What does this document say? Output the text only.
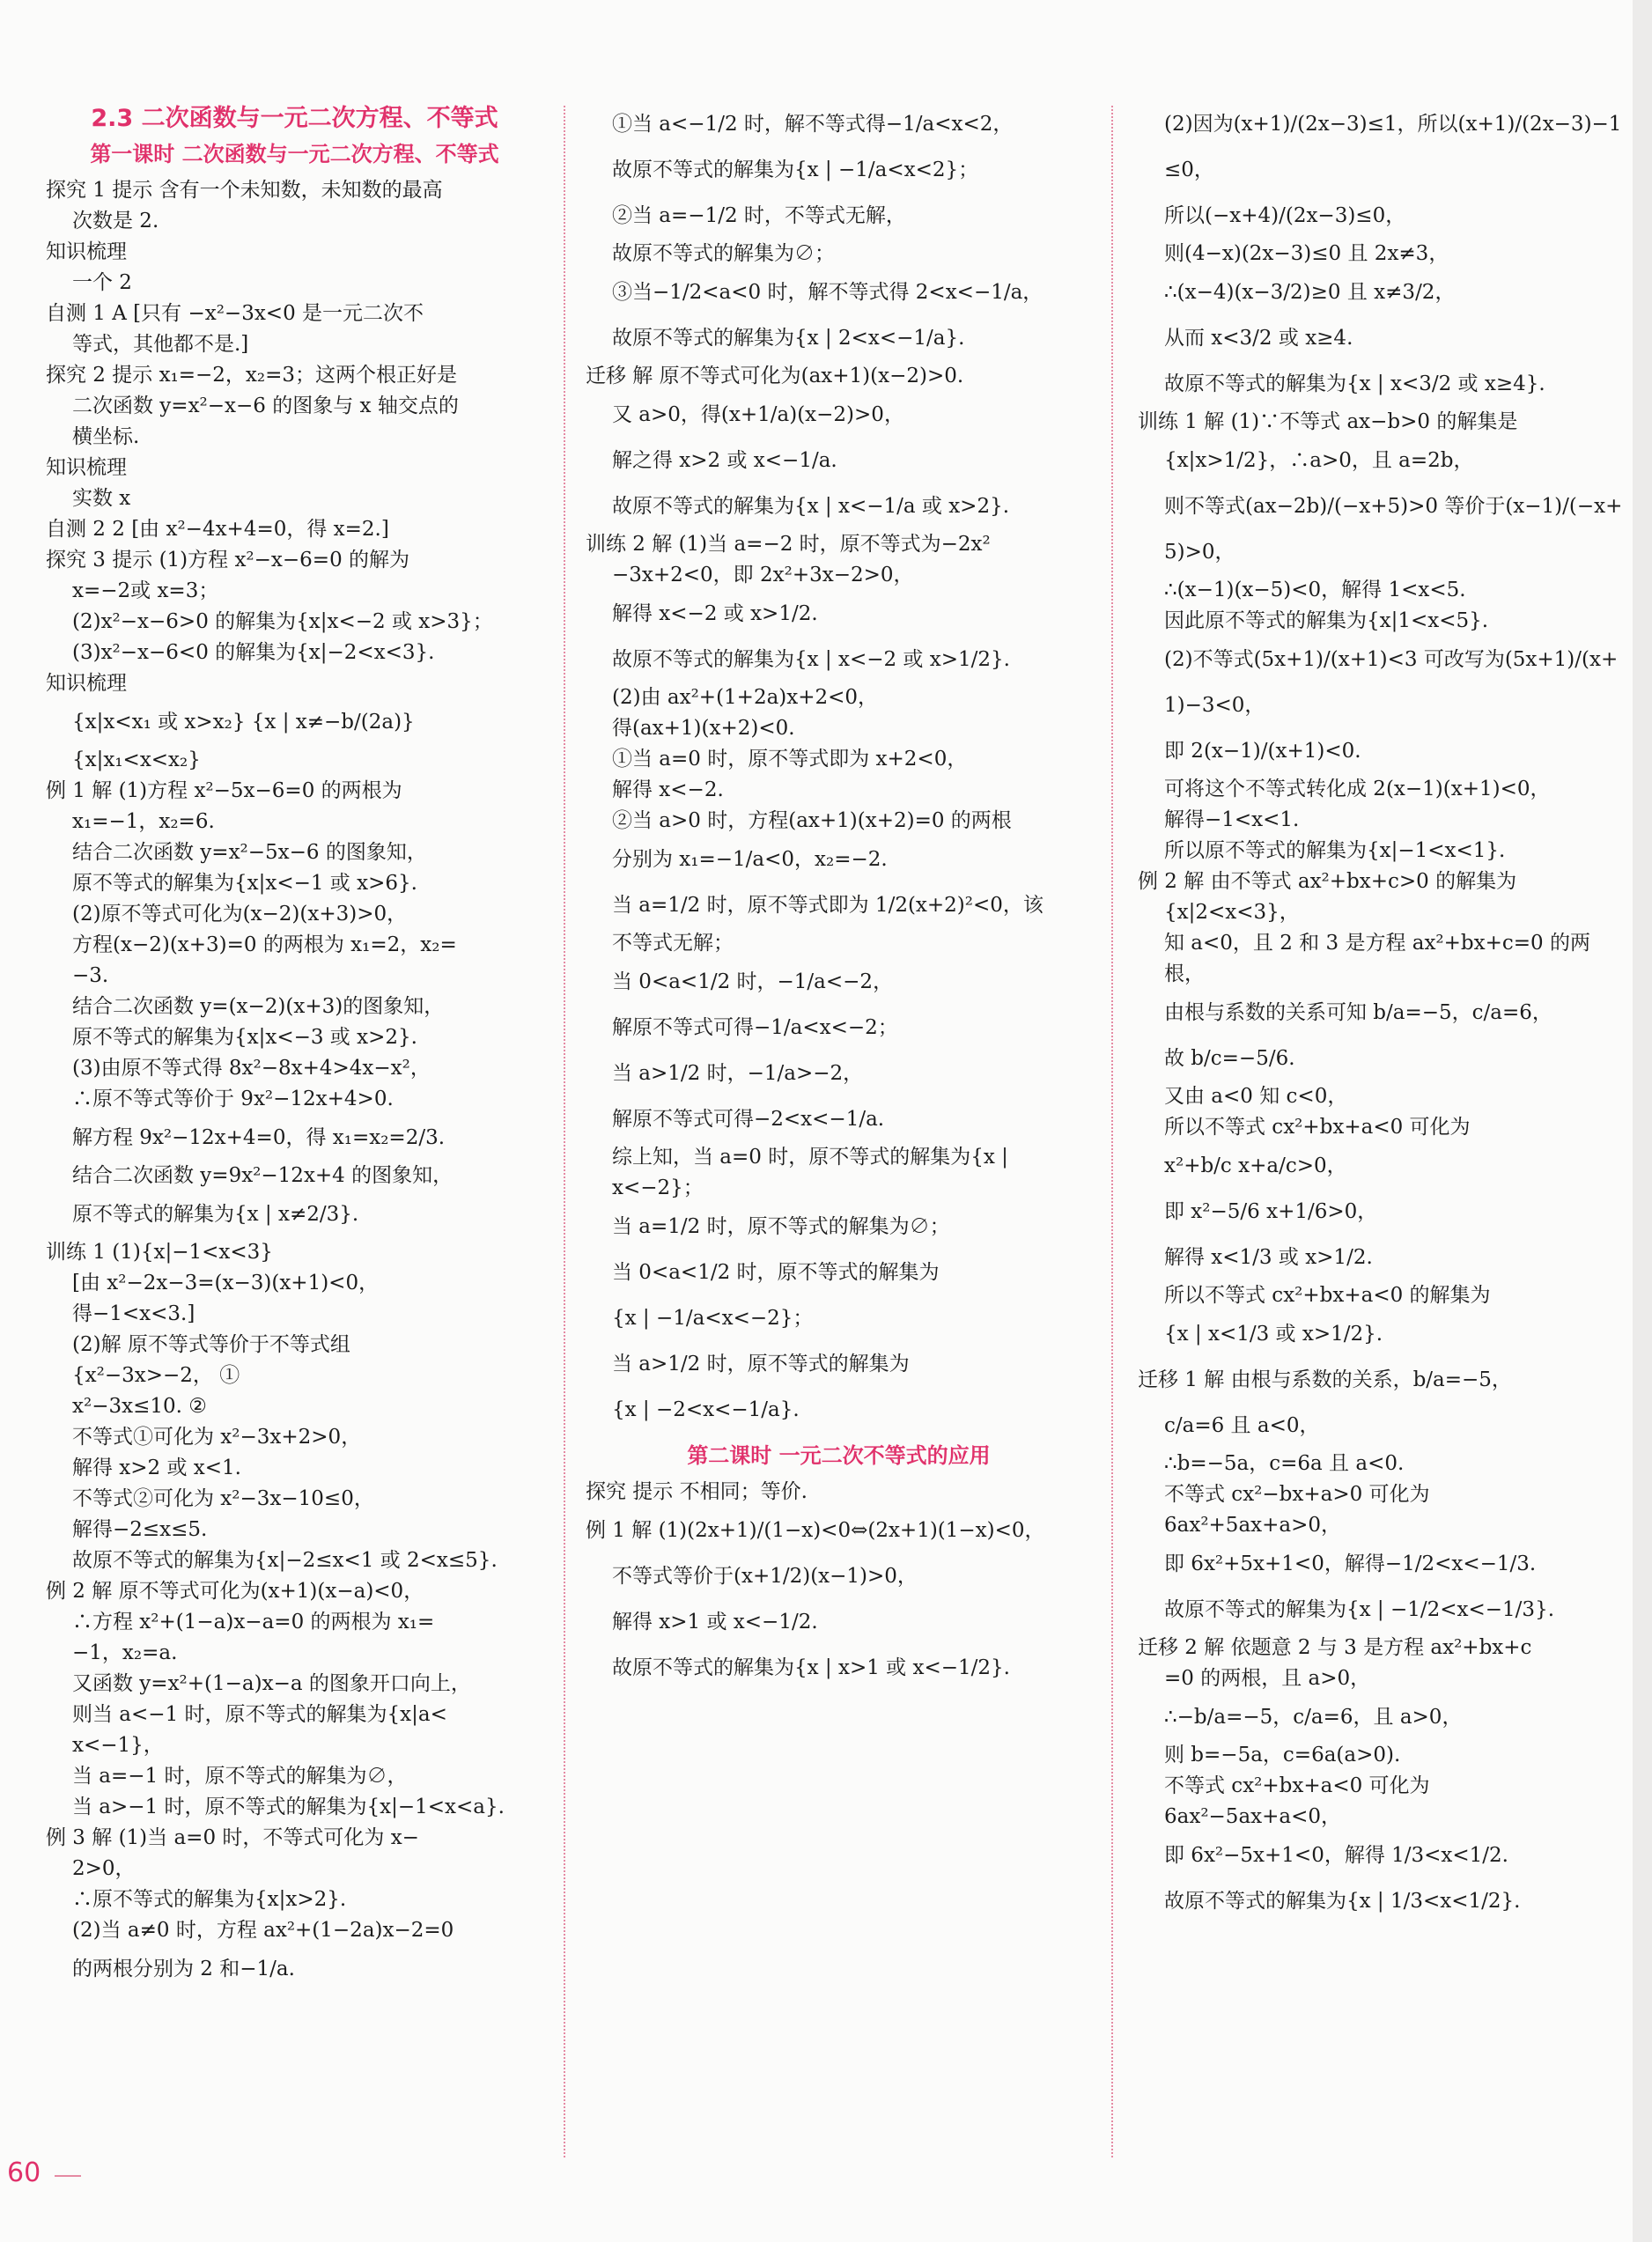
2.3 二次函数与一元二次方程、不等式
第一课时 二次函数与一元二次方程、不等式
探究 1 提示 含有一个未知数，未知数的最高
次数是 2.
知识梳理
一个 2
自测 1 A [只有 −x²−3x<0 是一元二次不
等式，其他都不是.]
探究 2 提示 x₁=−2，x₂=3；这两个根正好是
二次函数 y=x²−x−6 的图象与 x 轴交点的
横坐标.
知识梳理
实数 x
自测 2 2 [由 x²−4x+4=0，得 x=2.]
探究 3 提示 (1)方程 x²−x−6=0 的解为
x=−2或 x=3；
(2)x²−x−6>0 的解集为{x|x<−2 或 x>3}；
(3)x²−x−6<0 的解集为{x|−2<x<3}.
知识梳理
{x|x<x₁ 或 x>x₂} {x | x≠−b/(2a)}
{x|x₁<x<x₂}
例 1 解 (1)方程 x²−5x−6=0 的两根为
x₁=−1，x₂=6.
结合二次函数 y=x²−5x−6 的图象知，
原不等式的解集为{x|x<−1 或 x>6}.
(2)原不等式可化为(x−2)(x+3)>0，
方程(x−2)(x+3)=0 的两根为 x₁=2，x₂=
−3.
结合二次函数 y=(x−2)(x+3)的图象知，
原不等式的解集为{x|x<−3 或 x>2}.
(3)由原不等式得 8x²−8x+4>4x−x²，
∴原不等式等价于 9x²−12x+4>0.
解方程 9x²−12x+4=0，得 x₁=x₂=2/3.
结合二次函数 y=9x²−12x+4 的图象知，
原不等式的解集为{x | x≠2/3}.
训练 1 (1){x|−1<x<3}
[由 x²−2x−3=(x−3)(x+1)<0，
得−1<x<3.]
(2)解 原不等式等价于不等式组
{x²−3x>−2， ①
x²−3x≤10. ②
不等式①可化为 x²−3x+2>0，
解得 x>2 或 x<1.
不等式②可化为 x²−3x−10≤0，
解得−2≤x≤5.
故原不等式的解集为{x|−2≤x<1 或 2<x≤5}.
例 2 解 原不等式可化为(x+1)(x−a)<0，
∴方程 x²+(1−a)x−a=0 的两根为 x₁=
−1，x₂=a.
又函数 y=x²+(1−a)x−a 的图象开口向上，
则当 a<−1 时，原不等式的解集为{x|a<
x<−1}，
当 a=−1 时，原不等式的解集为∅，
当 a>−1 时，原不等式的解集为{x|−1<x<a}.
例 3 解 (1)当 a=0 时，不等式可化为 x−
2>0，
∴原不等式的解集为{x|x>2}.
(2)当 a≠0 时，方程 ax²+(1−2a)x−2=0
的两根分别为 2 和−1/a.
①当 a<−1/2 时，解不等式得−1/a<x<2，
故原不等式的解集为{x | −1/a<x<2}；
②当 a=−1/2 时，不等式无解，
故原不等式的解集为∅；
③当−1/2<a<0 时，解不等式得 2<x<−1/a，
故原不等式的解集为{x | 2<x<−1/a}.
迁移 解 原不等式可化为(ax+1)(x−2)>0.
又 a>0，得(x+1/a)(x−2)>0，
解之得 x>2 或 x<−1/a.
故原不等式的解集为{x | x<−1/a 或 x>2}.
训练 2 解 (1)当 a=−2 时，原不等式为−2x²
−3x+2<0，即 2x²+3x−2>0，
解得 x<−2 或 x>1/2.
故原不等式的解集为{x | x<−2 或 x>1/2}.
(2)由 ax²+(1+2a)x+2<0，
得(ax+1)(x+2)<0.
①当 a=0 时，原不等式即为 x+2<0，
解得 x<−2.
②当 a>0 时，方程(ax+1)(x+2)=0 的两根
分别为 x₁=−1/a<0，x₂=−2.
当 a=1/2 时，原不等式即为 1/2(x+2)²<0，该
不等式无解；
当 0<a<1/2 时，−1/a<−2，
解原不等式可得−1/a<x<−2；
当 a>1/2 时，−1/a>−2，
解原不等式可得−2<x<−1/a.
综上知，当 a=0 时，原不等式的解集为{x |
x<−2}；
当 a=1/2 时，原不等式的解集为∅；
当 0<a<1/2 时，原不等式的解集为
{x | −1/a<x<−2}；
当 a>1/2 时，原不等式的解集为
{x | −2<x<−1/a}.
第二课时 一元二次不等式的应用
探究 提示 不相同；等价.
例 1 解 (1)(2x+1)/(1−x)<0⇔(2x+1)(1−x)<0，
不等式等价于(x+1/2)(x−1)>0，
解得 x>1 或 x<−1/2.
故原不等式的解集为{x | x>1 或 x<−1/2}.
(2)因为(x+1)/(2x−3)≤1，所以(x+1)/(2x−3)−1≤0，
所以(−x+4)/(2x−3)≤0，
则(4−x)(2x−3)≤0 且 2x≠3，
∴(x−4)(x−3/2)≥0 且 x≠3/2，
从而 x<3/2 或 x≥4.
故原不等式的解集为{x | x<3/2 或 x≥4}.
训练 1 解 (1)∵不等式 ax−b>0 的解集是
{x|x>1/2}，∴a>0，且 a=2b，
则不等式(ax−2b)/(−x+5)>0 等价于(x−1)/(−x+5)>0，
∴(x−1)(x−5)<0，解得 1<x<5.
因此原不等式的解集为{x|1<x<5}.
(2)不等式(5x+1)/(x+1)<3 可改写为(5x+1)/(x+1)−3<0，
即 2(x−1)/(x+1)<0.
可将这个不等式转化成 2(x−1)(x+1)<0，
解得−1<x<1.
所以原不等式的解集为{x|−1<x<1}.
例 2 解 由不等式 ax²+bx+c>0 的解集为
{x|2<x<3}，
知 a<0，且 2 和 3 是方程 ax²+bx+c=0 的两根，
由根与系数的关系可知 b/a=−5，c/a=6，
故 b/c=−5/6.
又由 a<0 知 c<0，
所以不等式 cx²+bx+a<0 可化为
x²+b/c x+a/c>0，
即 x²−5/6 x+1/6>0，
解得 x<1/3 或 x>1/2.
所以不等式 cx²+bx+a<0 的解集为
{x | x<1/3 或 x>1/2}.
迁移 1 解 由根与系数的关系，b/a=−5，
c/a=6 且 a<0，
∴b=−5a，c=6a 且 a<0.
不等式 cx²−bx+a>0 可化为
6ax²+5ax+a>0，
即 6x²+5x+1<0，解得−1/2<x<−1/3.
故原不等式的解集为{x | −1/2<x<−1/3}.
迁移 2 解 依题意 2 与 3 是方程 ax²+bx+c
=0 的两根，且 a>0，
∴−b/a=−5，c/a=6，且 a>0，
则 b=−5a，c=6a(a>0).
不等式 cx²+bx+a<0 可化为
6ax²−5ax+a<0，
即 6x²−5x+1<0，解得 1/3<x<1/2.
故原不等式的解集为{x | 1/3<x<1/2}.
60
